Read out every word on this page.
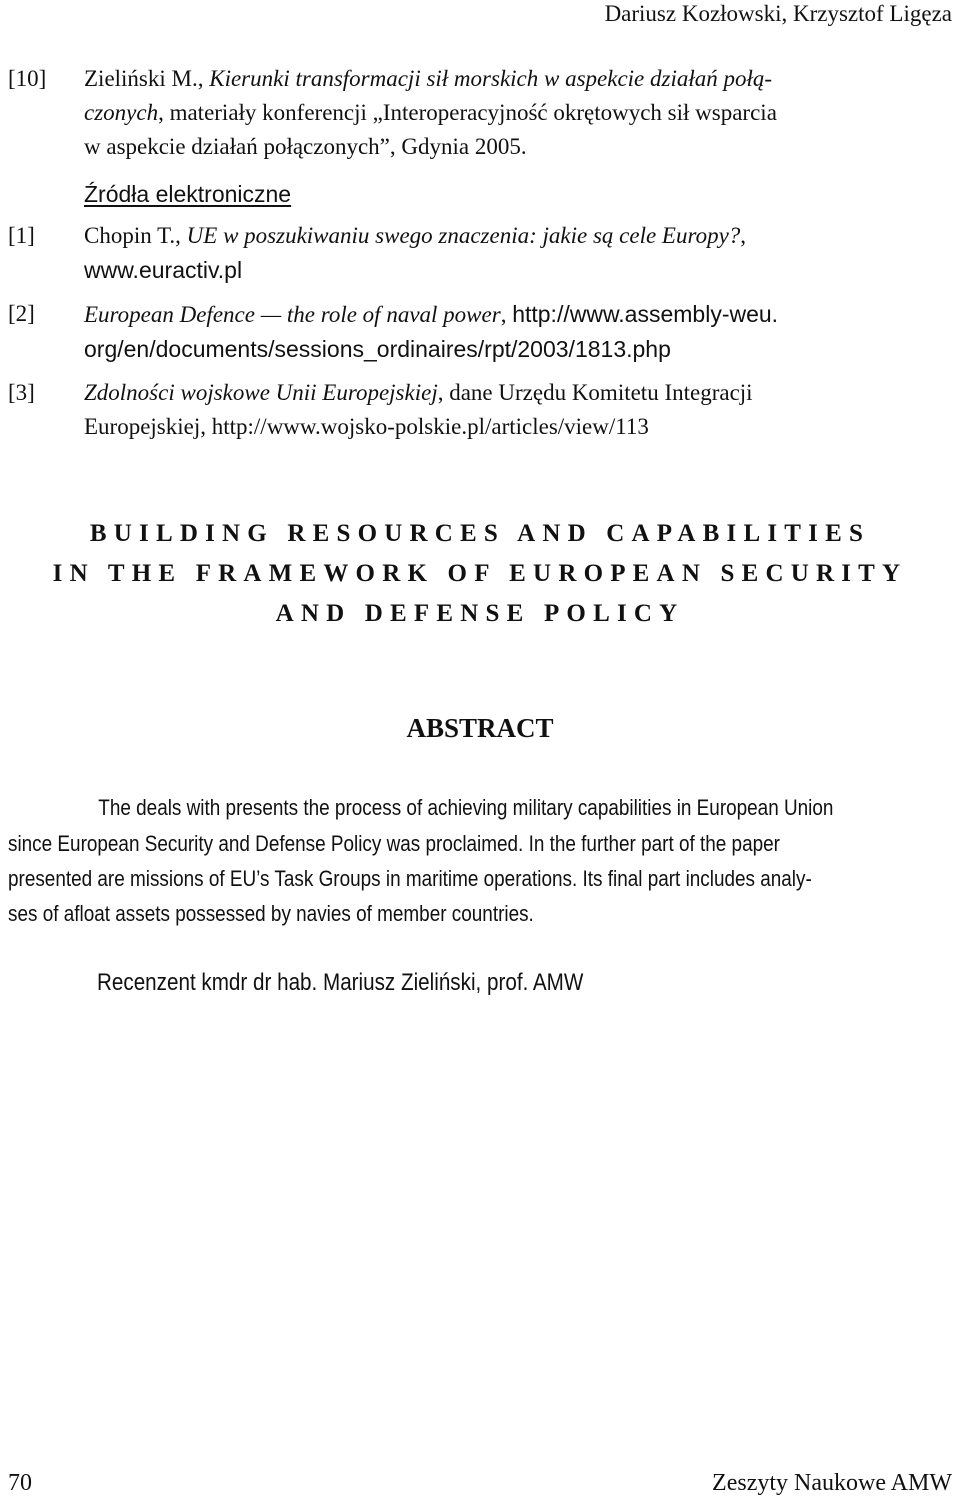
Dariusz Kozłowski, Krzysztof Ligęza
[10] Zieliński M., Kierunki transformacji sił morskich w aspekcie działań połą-
czonych, materiały konferencji „Interoperacyjność okrętowych sił wsparcia
w aspekcie działań połączonych”, Gdynia 2005.
Źródła elektroniczne
[1] Chopin T., UE w poszukiwaniu swego znaczenia: jakie są cele Europy?,
www.euractiv.pl
[2] European Defence — the role of naval power, http://www.assembly-weu.
org/en/documents/sessions_ordinaires/rpt/2003/1813.php
[3] Zdolności wojskowe Unii Europejskiej, dane Urzędu Komitetu Integracji
Europejskiej, http://www.wojsko-polskie.pl/articles/view/113
BUILDING RESOURCES AND CAPABILITIES
IN THE FRAMEWORK OF EUROPEAN SECURITY
AND DEFENSE POLICY
ABSTRACT
The deals with presents the process of achieving military capabilities in European Union
since European Security and Defense Policy was proclaimed. In the further part of the paper
presented are missions of EU’s Task Groups in maritime operations. Its final part includes analy-
ses of afloat assets possessed by navies of member countries.
Recenzent kmdr dr hab. Mariusz Zieliński, prof. AMW
70	Zeszyty Naukowe AMW
